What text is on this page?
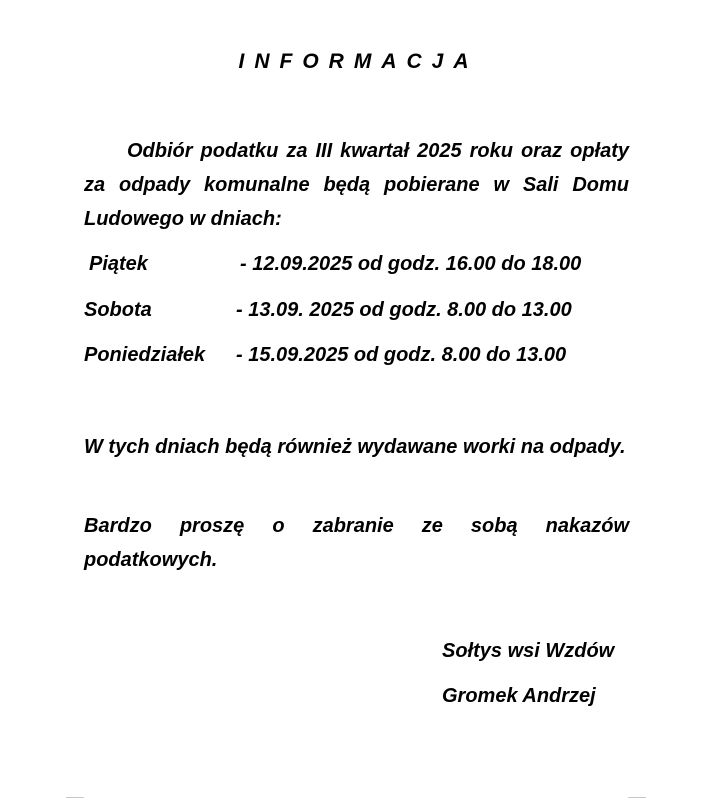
INFORMACJA
Odbiór podatku za III kwartał 2025 roku oraz opłaty za odpady komunalne będą pobierane w Sali Domu Ludowego w dniach:
Piątek	- 12.09.2025 od godz. 16.00 do 18.00
Sobota	- 13.09. 2025 od godz. 8.00 do 13.00
Poniedziałek - 15.09.2025 od godz. 8.00 do 13.00
W tych dniach będą również wydawane worki na odpady.
Bardzo proszę o zabranie ze sobą nakazów podatkowych.
Sołtys wsi Wzdów
Gromek Andrzej
